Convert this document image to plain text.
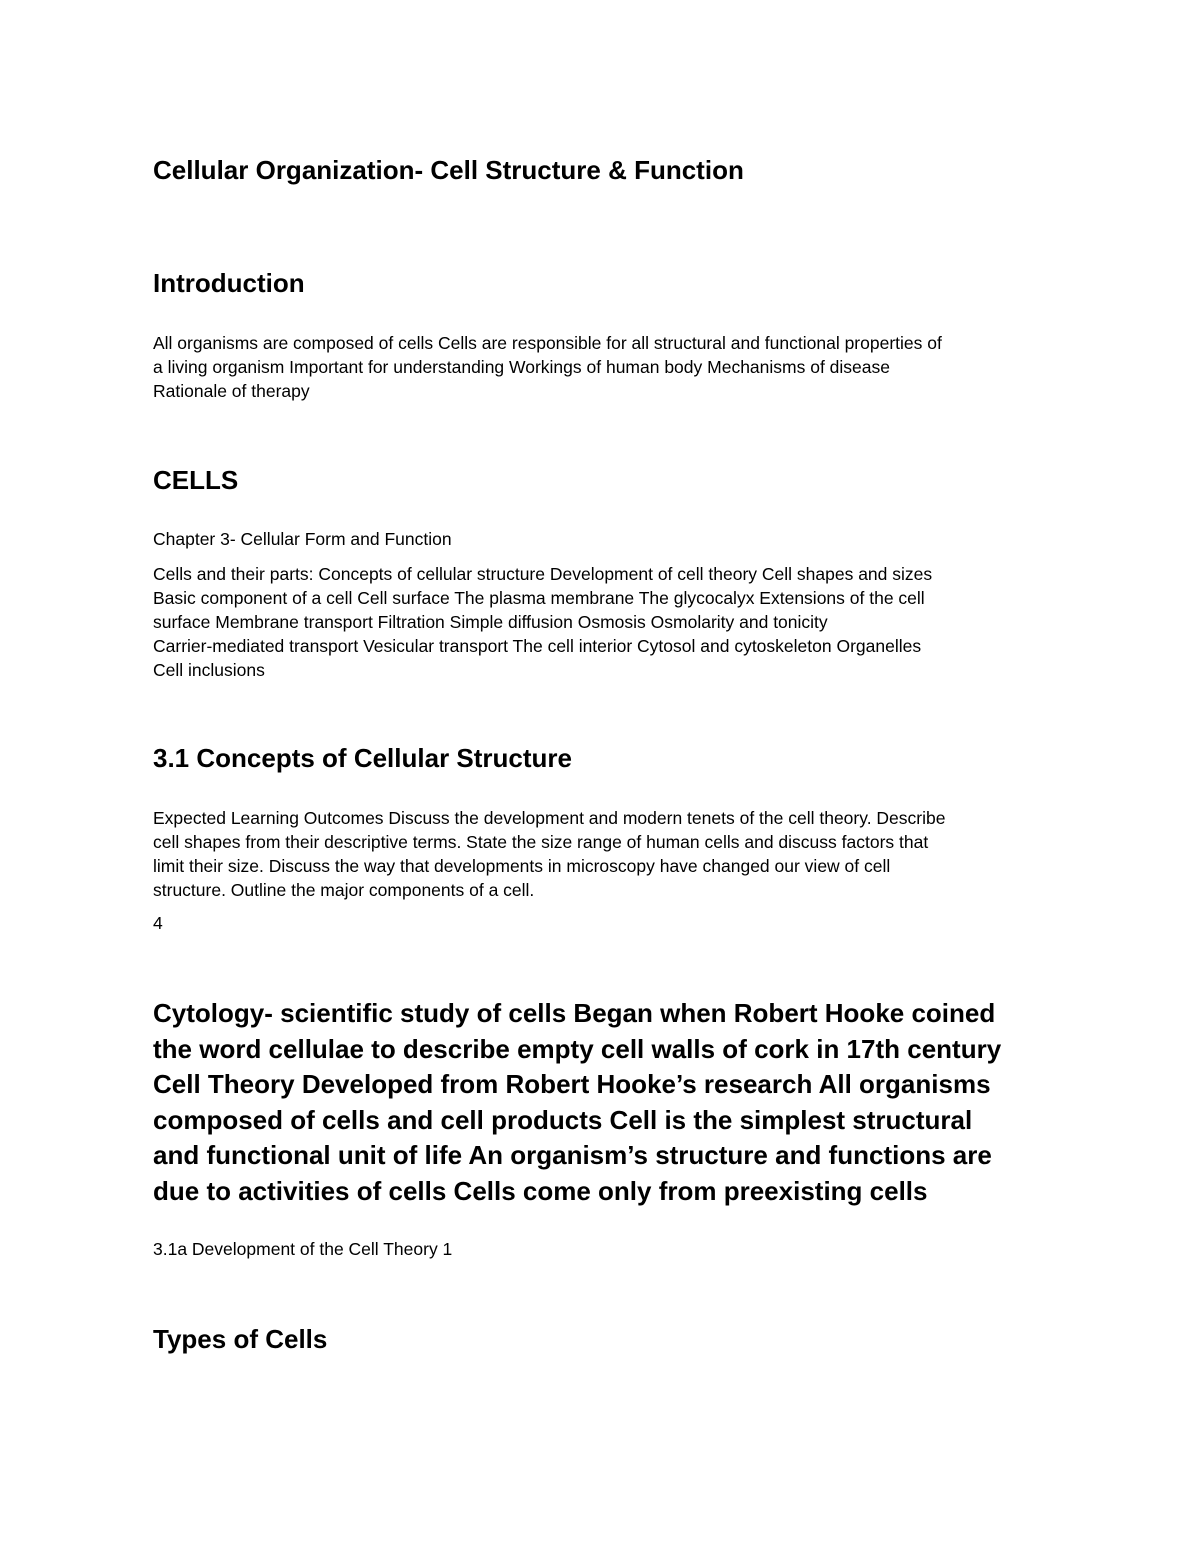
Cellular Organization- Cell Structure & Function
Introduction

All organisms are composed of cells Cells are responsible for all structural and functional properties of
a living organism Important for understanding Workings of human body Mechanisms of disease
Rationale of therapy

CELLS

Chapter 3- Cellular Form and Function

Cells and their parts: Concepts of cellular structure Development of cell theory Cell shapes and sizes
Basic component of a cell Cell surface The plasma membrane The glycocalyx Extensions of the cell
surface Membrane transport Filtration Simple diffusion Osmosis Osmolarity and tonicity
Carrier-mediated transport Vesicular transport The cell interior Cytosol and cytoskeleton Organelles
Cell inclusions

3.1 Concepts of Cellular Structure

Expected Learning Outcomes Discuss the development and modern tenets of the cell theory. Describe
cell shapes from their descriptive terms. State the size range of human cells and discuss factors that
limit their size. Discuss the way that developments in microscopy have changed our view of cell
structure. Outline the major components of a cell.

4

Cytology- scientific study of cells Began when Robert Hooke coined
the word cellulae to describe empty cell walls of cork in 17th century
Cell Theory Developed from Robert Hooke’s research All organisms
composed of cells and cell products Cell is the simplest structural
and functional unit of life An organism’s structure and functions are
due to activities of cells Cells come only from preexisting cells

3.1a Development of the Cell Theory 1

Types of Cells
